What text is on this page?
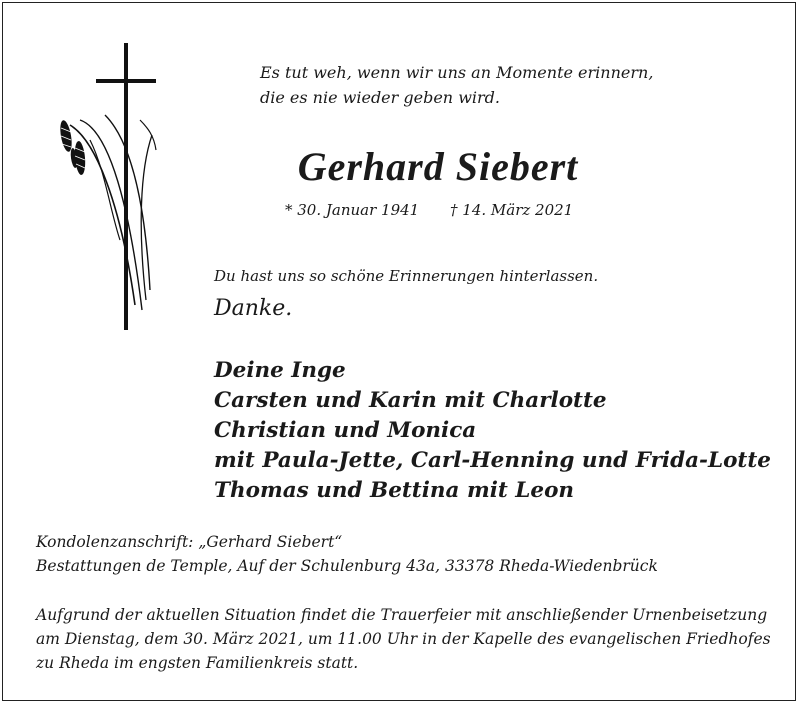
Es tut weh, wenn wir uns an Momente erinnern,
die es nie wieder geben wird.
Gerhard Siebert
* 30. Januar 1941 † 14. März 2021
Du hast uns so schöne Erinnerungen hinterlassen.
Danke.
Deine Inge
Carsten und Karin mit Charlotte
Christian und Monica
mit Paula-Jette, Carl-Henning und Frida-Lotte
Thomas und Bettina mit Leon
Kondolenzanschrift: „Gerhard Siebert“
Bestattungen de Temple, Auf der Schulenburg 43a, 33378 Rheda-Wiedenbrück
Aufgrund der aktuellen Situation findet die Trauerfeier mit anschließender Urnenbeisetzung
am Dienstag, dem 30. März 2021, um 11.00 Uhr in der Kapelle des evangelischen Friedhofes
zu Rheda im engsten Familienkreis statt.
